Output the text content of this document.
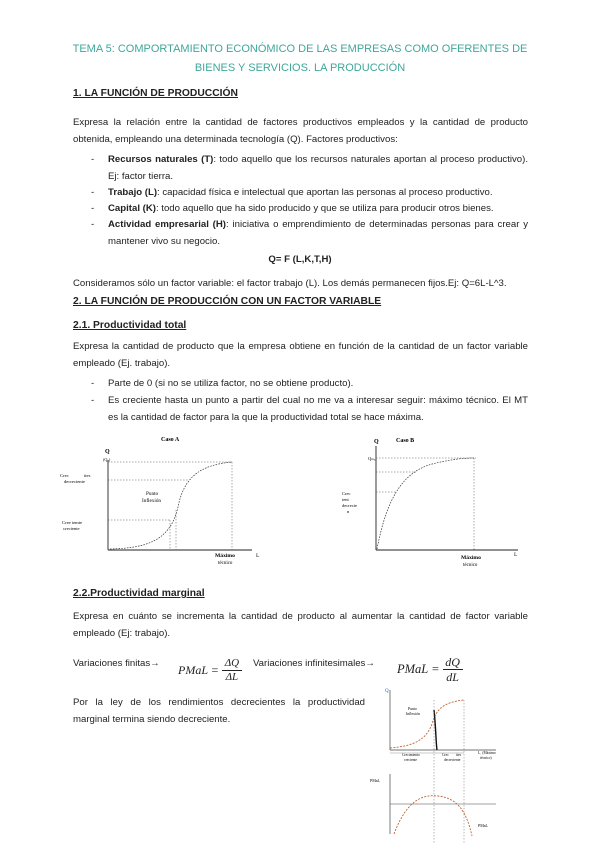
TEMA 5: COMPORTAMIENTO ECONÓMICO DE LAS EMPRESAS COMO OFERENTES DE BIENES Y SERVICIOS. LA PRODUCCIÓN
1. LA FUNCIÓN DE PRODUCCIÓN
Expresa la relación entre la cantidad de factores productivos empleados y la cantidad de producto obtenida, empleando una determinada tecnología (Q). Factores productivos:
- Recursos naturales (T): todo aquello que los recursos naturales aportan al proceso productivo). Ej: factor tierra.
- Trabajo (L): capacidad física e intelectual que aportan las personas al proceso productivo.
- Capital (K): todo aquello que ha sido producido y que se utiliza para producir otros bienes.
- Actividad empresarial (H): iniciativa o emprendimiento de determinadas personas para crear y mantener vivo su negocio.
Q= F (L,K,T,H)
Consideramos sólo un factor variable: el factor trabajo (L). Los demás permanecen fijos.Ej: Q=6L-L^3.
2. LA FUNCIÓN DE PRODUCCIÓN CON UN FACTOR VARIABLE
2.1. Productividad total
Expresa la cantidad de producto que la empresa obtiene en función de la cantidad de un factor variable empleado (Ej. trabajo).
- Parte de 0 (si no se utiliza factor, no se obtiene producto).
- Es creciente hasta un punto a partir del cual no me va a interesar seguir: máximo técnico. El MT es la cantidad de factor para la que la productividad total se hace máxima.
Caso A
Q
(Q₀)
Crec	ites
decreciente
Cree iemte
creciente
Punto
Inflexión
Máximo
técnico
L
Caso B
Q
Qₘₐₓ
Crec
ient
decrecie
n
Máximo
técnico
L
2.2.Productividad marginal
Expresa en cuánto se incrementa la cantidad de producto al aumentar la cantidad de factor variable empleado (Ej: trabajo).
Variaciones finitas→ PMaL = ΔQ
ΔL
Variaciones infinitesimales→ PMaL = dQ
dL
Por la ley de los rendimientos decrecientes la productividad marginal termina siendo decreciente.
Q
Punto
Inflexión
L₁ (Máximo
técnico)
Crecimiento
creciente
Crec ites
decreciente
PMaL
PMaL
